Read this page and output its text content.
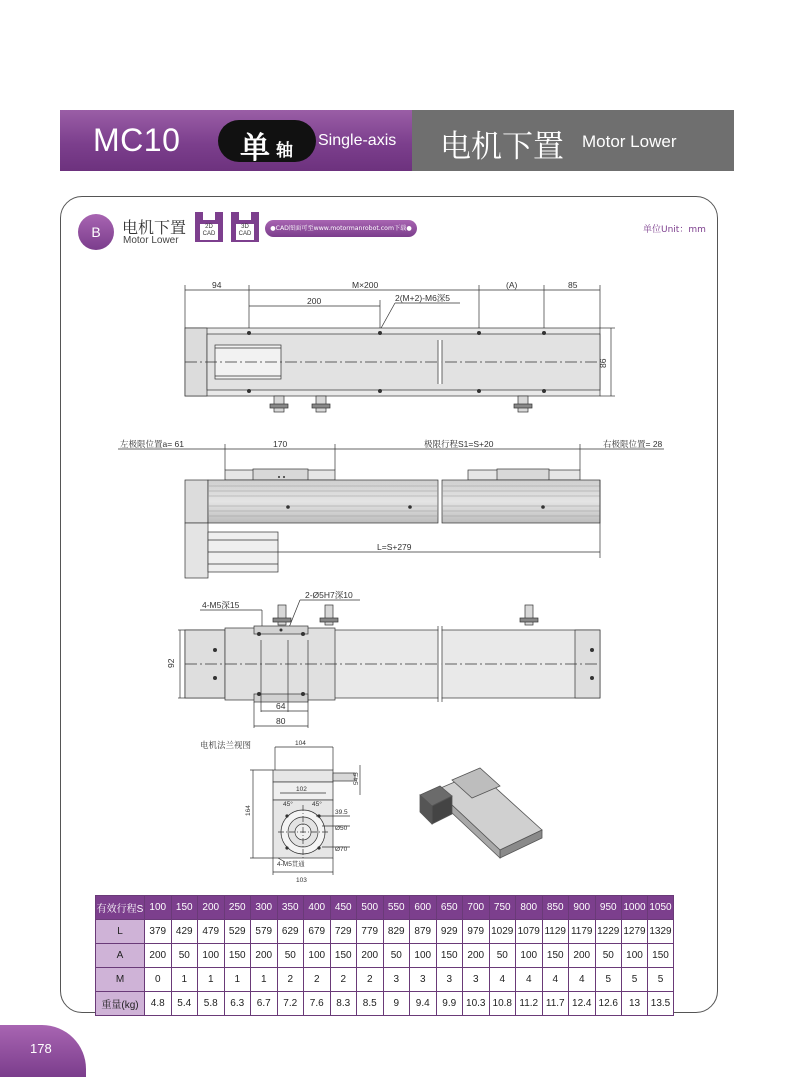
MC10 单 轴
Single-axis 电机下置 Motor Lower
B	电机下置
Motor Lower
2D
CAD
3D
CAD
●CAD图面可至www.motormanrobot.com下载●	单位Unit：mm
94	M×200	(A)	85
200	2(M+2)-M6深5
86
左极限位置a= 61	170	极限行程S1=S+20	右极限位置= 28
L=S+279
4-M5深15
2-Ø5H7深10
92
64
80
电机法兰视图	104
54.5
102
164	39.5
Ø50
Ø70
4-M5贯通
103
45°	45°
有效行程S	100	150	200	250	300	350	400	450	500	550	600	650	700	750	800	850	900	950	1000	1050
L	379	429	479	529	579	629	679	729	779	829	879	929	979	1029	1079	1129	1179	1229	1279	1329
A	200	50	100	150	200	50	100	150	200	50	100	150	200	50	100	150	200	50	100	150
M	0	1	1	1	1	2	2	2	2	3	3	3	3	4	4	4	4	5	5	5
重量(kg)	4.8	5.4	5.8	6.3	6.7	7.2	7.6	8.3	8.5	9	9.4	9.9	10.3	10.8	11.2	11.7	12.4	12.6	13	13.5
178
